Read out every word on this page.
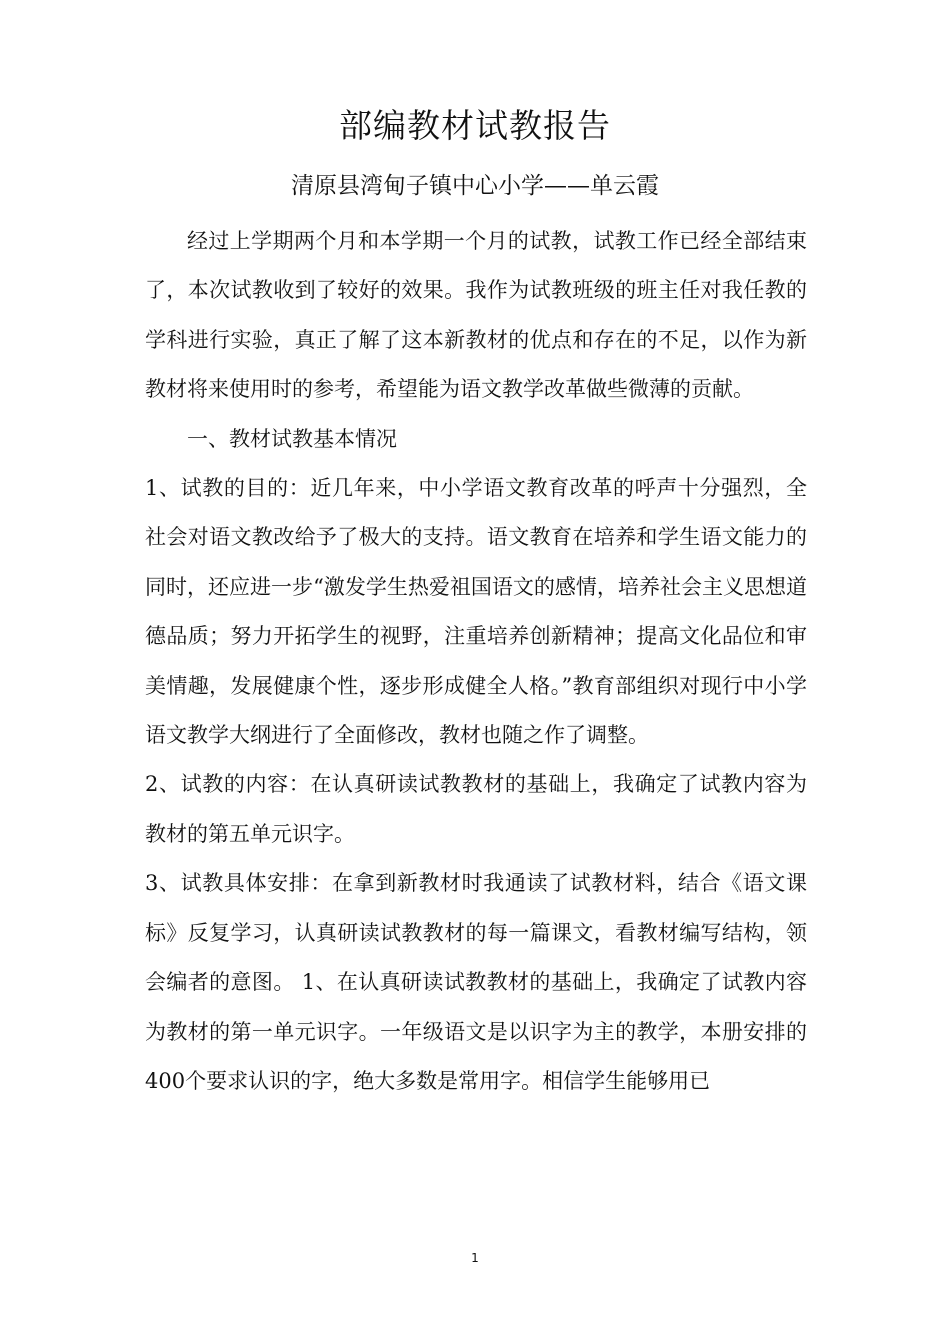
部编教材试教报告

清原县湾甸子镇中心小学——单云霞

经过上学期两个月和本学期一个月的试教，试教工作已经全部结束了，本次试教收到了较好的效果。我作为试教班级的班主任对我任教的学科进行实验，真正了解了这本新教材的优点和存在的不足，以作为新教材将来使用时的参考，希望能为语文教学改革做些微薄的贡献。

一、教材试教基本情况

1、试教的目的：近几年来，中小学语文教育改革的呼声十分强烈，全社会对语文教改给予了极大的支持。语文教育在培养和学生语文能力的同时，还应进一步“激发学生热爱祖国语文的感情，培养社会主义思想道德品质；努力开拓学生的视野，注重培养创新精神；提高文化品位和审美情趣，发展健康个性，逐步形成健全人格。”教育部组织对现行中小学语文教学大纲进行了全面修改，教材也随之作了调整。

2、试教的内容：在认真研读试教教材的基础上，我确定了试教内容为教材的第五单元识字。

3、试教具体安排：在拿到新教材时我通读了试教材料，结合《语文课标》反复学习，认真研读试教教材的每一篇课文，看教材编写结构，领会编者的意图。 1、在认真研读试教教材的基础上，我确定了试教内容为教材的第一单元识字。一年级语文是以识字为主的教学，本册安排的400个要求认识的字，绝大多数是常用字。相信学生能够用已

1
